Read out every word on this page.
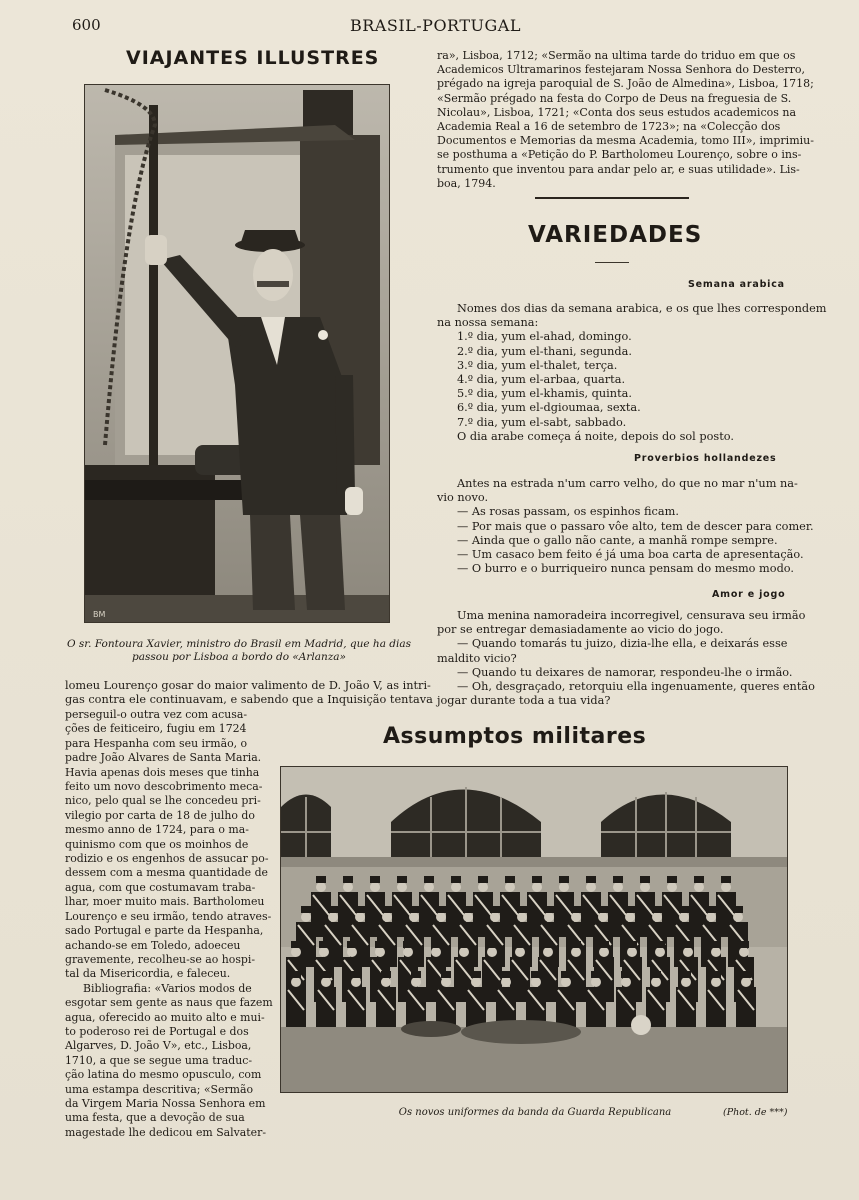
600	BRASIL-PORTUGAL
VIAJANTES ILLUSTRES
BM
O sr. Fontoura Xavier, ministro do Brasil em Madrid, que ha dias
passou por Lisboa a bordo do «Arlanza»
lomeu Lourenço gosar do maior valimento de D. João V, as intri-
gas contra ele continuavam, e sabendo que a Inquisição tentava
perseguil-o outra vez com acusa-
ções de feiticeiro, fugiu em 1724
para Hespanha com seu irmão, o
padre João Alvares de Santa Maria.
Havia apenas dois meses que tinha
feito um novo descobrimento meca-
nico, pelo qual se lhe concedeu pri-
vilegio por carta de 18 de julho do
mesmo anno de 1724, para o ma-
quinismo com que os moinhos de
rodizio e os engenhos de assucar po-
dessem com a mesma quantidade de
agua, com que costumavam traba-
lhar, moer muito mais. Bartholomeu
Lourenço e seu irmão, tendo atraves-
sado Portugal e parte da Hespanha,
achando-se em Toledo, adoeceu
gravemente, recolheu-se ao hospi-
tal da Misericordia, e faleceu.
Bibliografia: «Varios modos de
esgotar sem gente as naus que fazem
agua, oferecido ao muito alto e mui-
to poderoso rei de Portugal e dos
Algarves, D. João V», etc., Lisboa,
1710, a que se segue uma traduc-
ção latina do mesmo opusculo, com
uma estampa descritiva; «Sermão
da Virgem Maria Nossa Senhora em
uma festa, que a devoção de sua
magestade lhe dedicou em Salvater-
ra», Lisboa, 1712; «Sermão na ultima tarde do triduo em que os
Academicos Ultramarinos festejaram Nossa Senhora do Desterro,
prégado na igreja paroquial de S. João de Almedina», Lisboa, 1718;
«Sermão prégado na festa do Corpo de Deus na freguesia de S.
Nicolau», Lisboa, 1721; «Conta dos seus estudos academicos na
Academia Real a 16 de setembro de 1723»; na «Colecção dos
Documentos e Memorias da mesma Academia, tomo III», imprimiu-
se posthuma a «Petição do P. Bartholomeu Lourenço, sobre o ins-
trumento que inventou para andar pelo ar, e suas utilidade». Lis-
boa, 1794.
VARIEDADES
Semana arabica
Nomes dos dias da semana arabica, e os que lhes correspondem
na nossa semana:
1.º dia, yum el-ahad, domingo.
2.º dia, yum el-thani, segunda.
3.º dia, yum el-thalet, terça.
4.º dia, yum el-arbaa, quarta.
5.º dia, yum el-khamis, quinta.
6.º dia, yum el-dgioumaa, sexta.
7.º dia, yum el-sabt, sabbado.
O dia arabe começa á noite, depois do sol posto.
Proverbios hollandezes
Antes na estrada n'um carro velho, do que no mar n'um na-
vio novo.
— As rosas passam, os espinhos ficam.
— Por mais que o passaro vôe alto, tem de descer para comer.
— Ainda que o gallo não cante, a manhã rompe sempre.
— Um casaco bem feito é já uma boa carta de apresentação.
— O burro e o burriqueiro nunca pensam do mesmo modo.
Amor e jogo
Uma menina namoradeira incorregivel, censurava seu irmão
por se entregar demasiadamente ao vicio do jogo.
— Quando tomarás tu juizo, dizia-lhe ella, e deixarás esse
maldito vicio?
— Quando tu deixares de namorar, respondeu-lhe o irmão.
— Oh, desgraçado, retorquiu ella ingenuamente, queres então
jogar durante toda a tua vida?
Assumptos militares
Os novos uniformes da banda da Guarda Republicana	(Phot. de ***)
